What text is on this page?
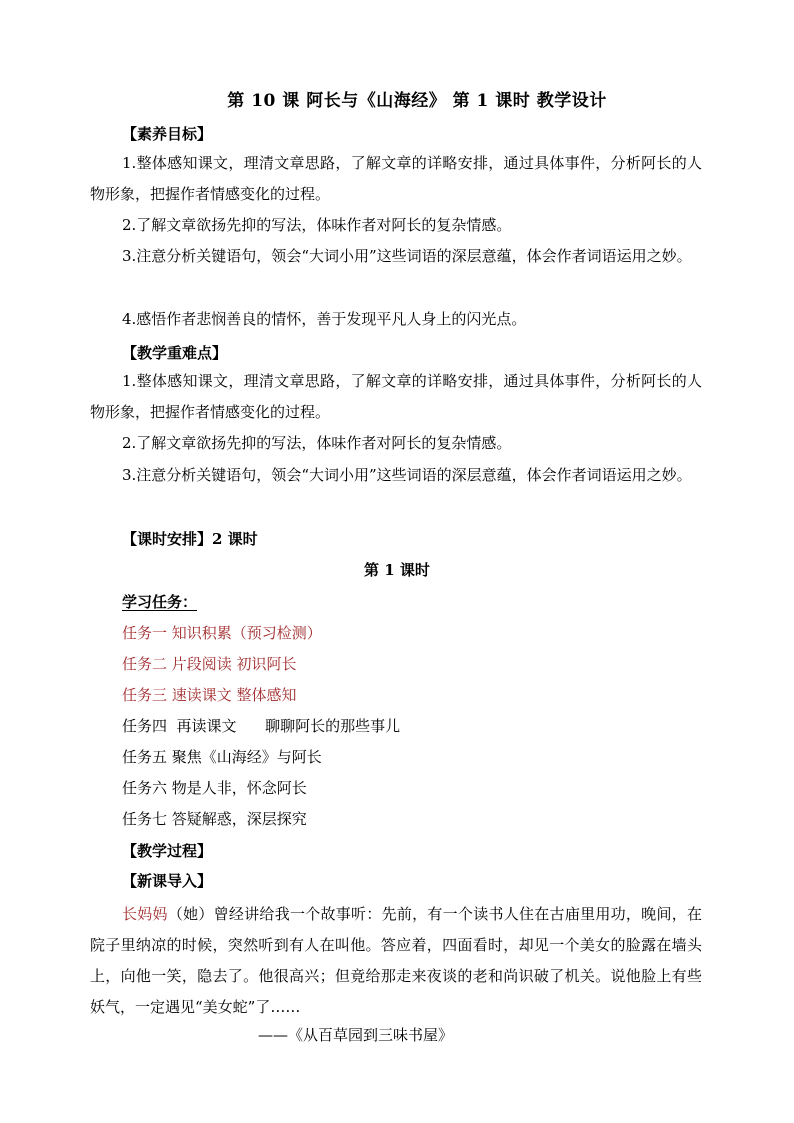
第 10 课 阿长与《山海经》 第 1 课时 教学设计
【素养目标】
1.整体感知课文，理清文章思路，了解文章的详略安排，通过具体事件，分析阿长的人物形象，把握作者情感变化的过程。
2.了解文章欲扬先抑的写法，体味作者对阿长的复杂情感。
3.注意分析关键语句，领会“大词小用”这些词语的深层意蕴，体会作者词语运用之妙。
4.感悟作者悲悯善良的情怀，善于发现平凡人身上的闪光点。
【教学重难点】
1.整体感知课文，理清文章思路，了解文章的详略安排，通过具体事件，分析阿长的人物形象，把握作者情感变化的过程。
2.了解文章欲扬先抑的写法，体味作者对阿长的复杂情感。
3.注意分析关键语句，领会“大词小用”这些词语的深层意蕴，体会作者词语运用之妙。
【课时安排】2 课时
第 1 课时
学习任务：
任务一 知识积累（预习检测）
任务二 片段阅读 初识阿长
任务三 速读课文 整体感知
任务四  再读课文      聊聊阿长的那些事儿
任务五 聚焦《山海经》与阿长
任务六 物是人非，怀念阿长
任务七 答疑解惑，深层探究
【教学过程】
【新课导入】
长妈妈（她）曾经讲给我一个故事听：先前，有一个读书人住在古庙里用功，晚间，在院子里纳凉的时候，突然听到有人在叫他。答应着，四面看时，却见一个美女的脸露在墙头上，向他一笑，隐去了。他很高兴；但竟给那走来夜谈的老和尚识破了机关。说他脸上有些妖气，一定遇见“美女蛇”了……
——《从百草园到三味书屋》
